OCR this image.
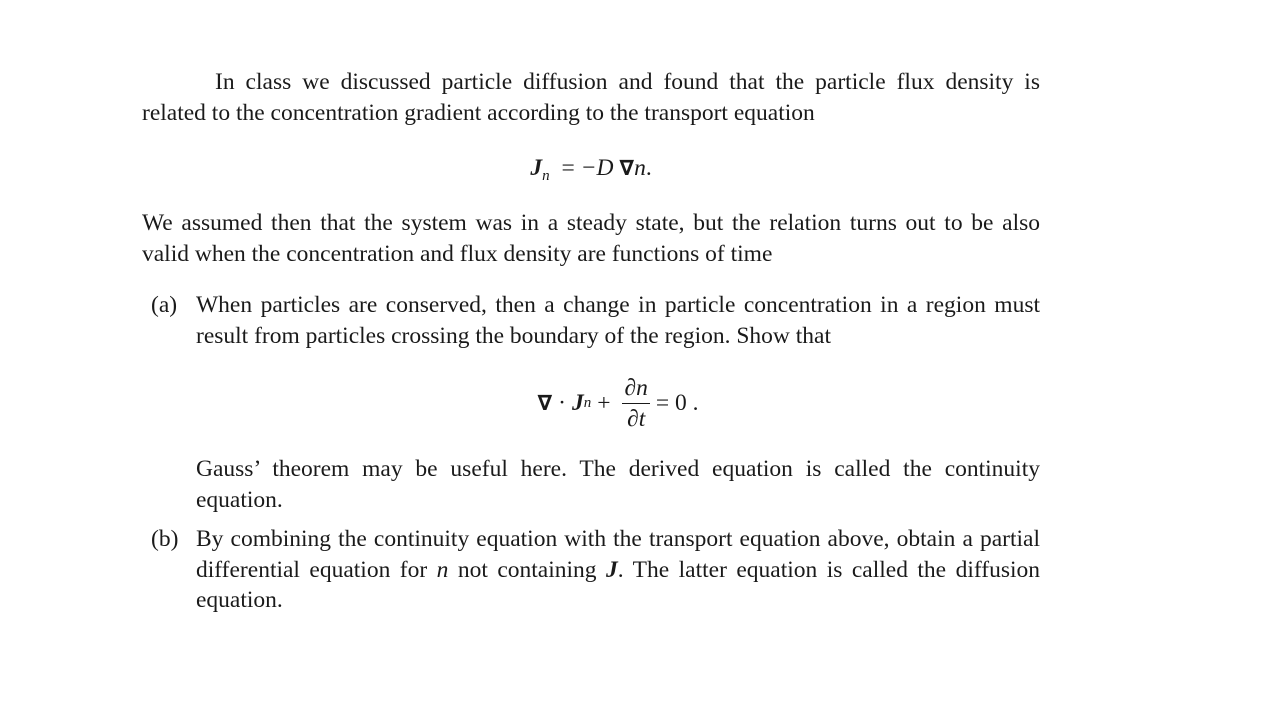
In class we discussed particle diffusion and found that the particle flux density is related to the concentration gradient according to the transport equation

$J_n = -D$ ∇n.

We assumed then that the system was in a steady state, but the relation turns out to be also valid when the concentration and flux density are functions of time

(a) When particles are conserved, then a change in particle concentration in a region must result from particles crossing the boundary of the region. Show that

∇ · J $n + \frac{\partial n}{\partial t} = 0$ .

Gauss’ theorem may be useful here. The derived equation is called the continuity equation.

(b) By combining the continuity equation with the transport equation above, obtain a partial differential equation for n not containing J. The latter equation is called the diffusion equation.
